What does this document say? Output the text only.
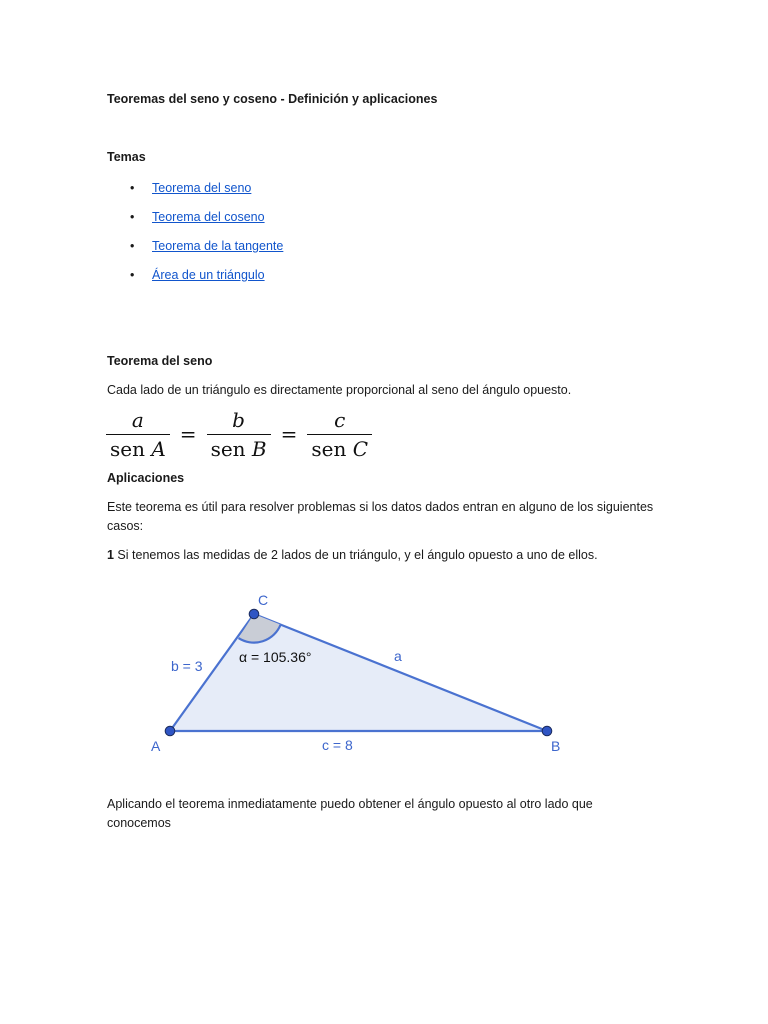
Teoremas del seno y coseno - Definición y aplicaciones
Temas
• Teorema del seno
• Teorema del coseno
• Teorema de la tangente
• Área de un triángulo
Teorema del seno
Cada lado de un triángulo es directamente proporcional al seno del ángulo opuesto.
$\frac{a}{\text{sen A}} = \frac{b}{\text{sen B}} = \frac{c}{\text{sen C}}$
Aplicaciones
Este teorema es útil para resolver problemas si los datos dados entran en alguno de los siguientes
casos:
1 Si tenemos las medidas de 2 lados de un triángulo, y el ángulo opuesto a uno de ellos.
C
A	B
a
b = 3
c = 8
α = 105.36°
Aplicando el teorema inmediatamente puedo obtener el ángulo opuesto al otro lado que
conocemos
